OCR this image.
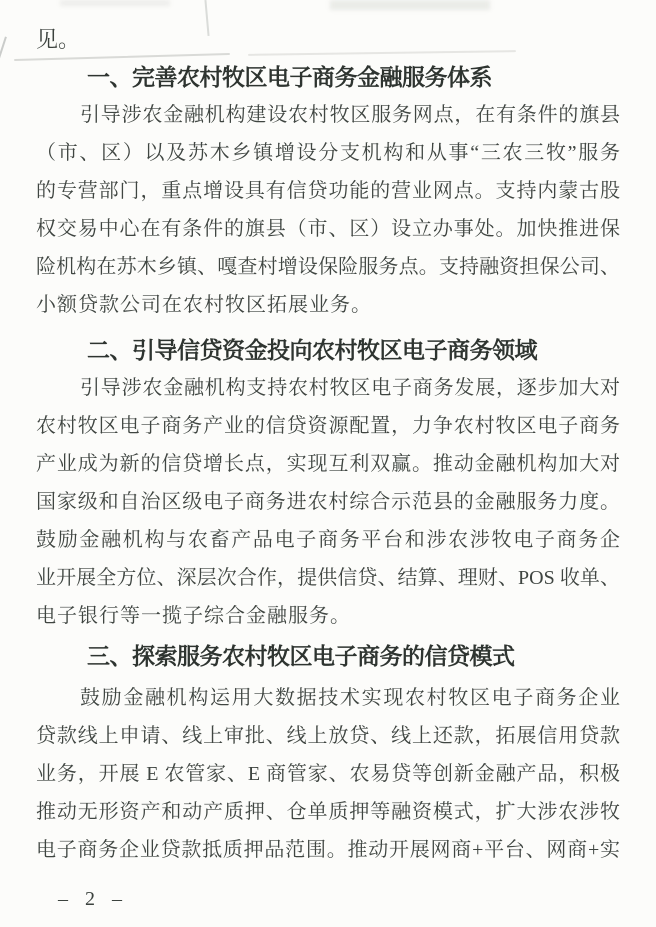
见。
一、完善农村牧区电子商务金融服务体系
引导涉农金融机构建设农村牧区服务网点，在有条件的旗县
（市、区）以及苏木乡镇增设分支机构和从事“三农三牧”服务
的专营部门，重点增设具有信贷功能的营业网点。支持内蒙古股
权交易中心在有条件的旗县（市、区）设立办事处。加快推进保
险机构在苏木乡镇、嘎查村增设保险服务点。支持融资担保公司、
小额贷款公司在农村牧区拓展业务。
二、引导信贷资金投向农村牧区电子商务领域
引导涉农金融机构支持农村牧区电子商务发展，逐步加大对
农村牧区电子商务产业的信贷资源配置，力争农村牧区电子商务
产业成为新的信贷增长点，实现互利双赢。推动金融机构加大对
国家级和自治区级电子商务进农村综合示范县的金融服务力度。
鼓励金融机构与农畜产品电子商务平台和涉农涉牧电子商务企
业开展全方位、深层次合作，提供信贷、结算、理财、POS 收单、
电子银行等一揽子综合金融服务。
三、探索服务农村牧区电子商务的信贷模式
鼓励金融机构运用大数据技术实现农村牧区电子商务企业
贷款线上申请、线上审批、线上放贷、线上还款，拓展信用贷款
业务，开展 E 农管家、E 商管家、农易贷等创新金融产品，积极
推动无形资产和动产质押、仓单质押等融资模式，扩大涉农涉牧
电子商务企业贷款抵质押品范围。推动开展网商+平台、网商+实
– 2 –
